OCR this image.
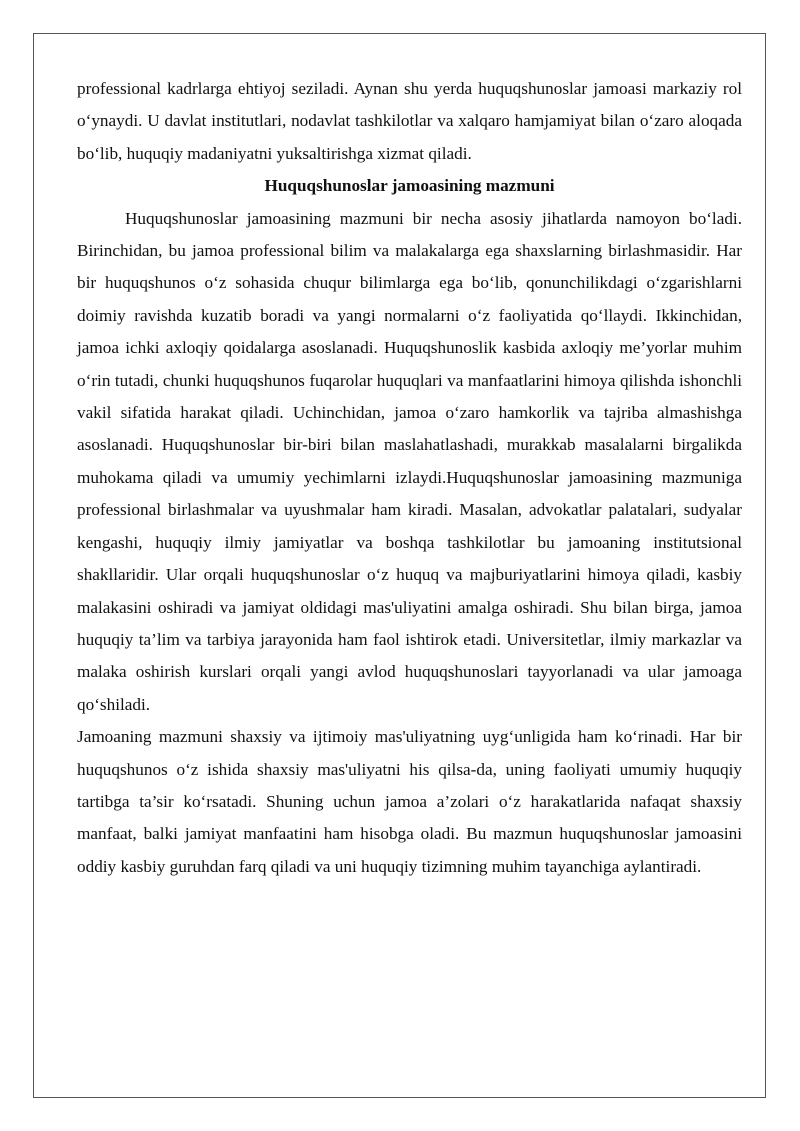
professional kadrlarga ehtiyoj seziladi. Aynan shu yerda huquqshunoslar jamoasi markaziy rol o‘ynaydi. U davlat institutlari, nodavlat tashkilotlar va xalqaro hamjamiyat bilan o‘zaro aloqada bo‘lib, huquqiy madaniyatni yuksaltirishga xizmat qiladi.

Huquqshunoslar jamoasining mazmuni

Huquqshunoslar jamoasining mazmuni bir necha asosiy jihatlarda namoyon bo‘ladi. Birinchidan, bu jamoa professional bilim va malakalarga ega shaxslarning birlashmasidir. Har bir huquqshunos o‘z sohasida chuqur bilimlarga ega bo‘lib, qonunchilikdagi o‘zgarishlarni doimiy ravishda kuzatib boradi va yangi normalarni o‘z faoliyatida qo‘llaydi. Ikkinchidan, jamoa ichki axloqiy qoidalarga asoslanadi. Huquqshunoslik kasbida axloqiy me’yorlar muhim o‘rin tutadi, chunki huquqshunos fuqarolar huquqlari va manfaatlarini himoya qilishda ishonchli vakil sifatida harakat qiladi. Uchinchidan, jamoa o‘zaro hamkorlik va tajriba almashishga asoslanadi. Huquqshunoslar bir-biri bilan maslahatlashadi, murakkab masalalarni birgalikda muhokama qiladi va umumiy yechimlarni izlaydi.Huquqshunoslar jamoasining mazmuniga professional birlashmalar va uyushmalar ham kiradi. Masalan, advokatlar palatalari, sudyalar kengashi, huquqiy ilmiy jamiyatlar va boshqa tashkilotlar bu jamoaning institutsional shakllaridir. Ular orqali huquqshunoslar o‘z huquq va majburiyatlarini himoya qiladi, kasbiy malakasini oshiradi va jamiyat oldidagi mas'uliyatini amalga oshiradi. Shu bilan birga, jamoa huquqiy ta’lim va tarbiya jarayonida ham faol ishtirok etadi. Universitetlar, ilmiy markazlar va malaka oshirish kurslari orqali yangi avlod huquqshunoslari tayyorlanadi va ular jamoaga qo‘shiladi.

Jamoaning mazmuni shaxsiy va ijtimoiy mas'uliyatning uyg‘unligida ham ko‘rinadi. Har bir huquqshunos o‘z ishida shaxsiy mas'uliyatni his qilsa-da, uning faoliyati umumiy huquqiy tartibga ta’sir ko‘rsatadi. Shuning uchun jamoa a’zolari o‘z harakatlarida nafaqat shaxsiy manfaat, balki jamiyat manfaatini ham hisobga oladi. Bu mazmun huquqshunoslar jamoasini oddiy kasbiy guruhdan farq qiladi va uni huquqiy tizimning muhim tayanchiga aylantiradi.
